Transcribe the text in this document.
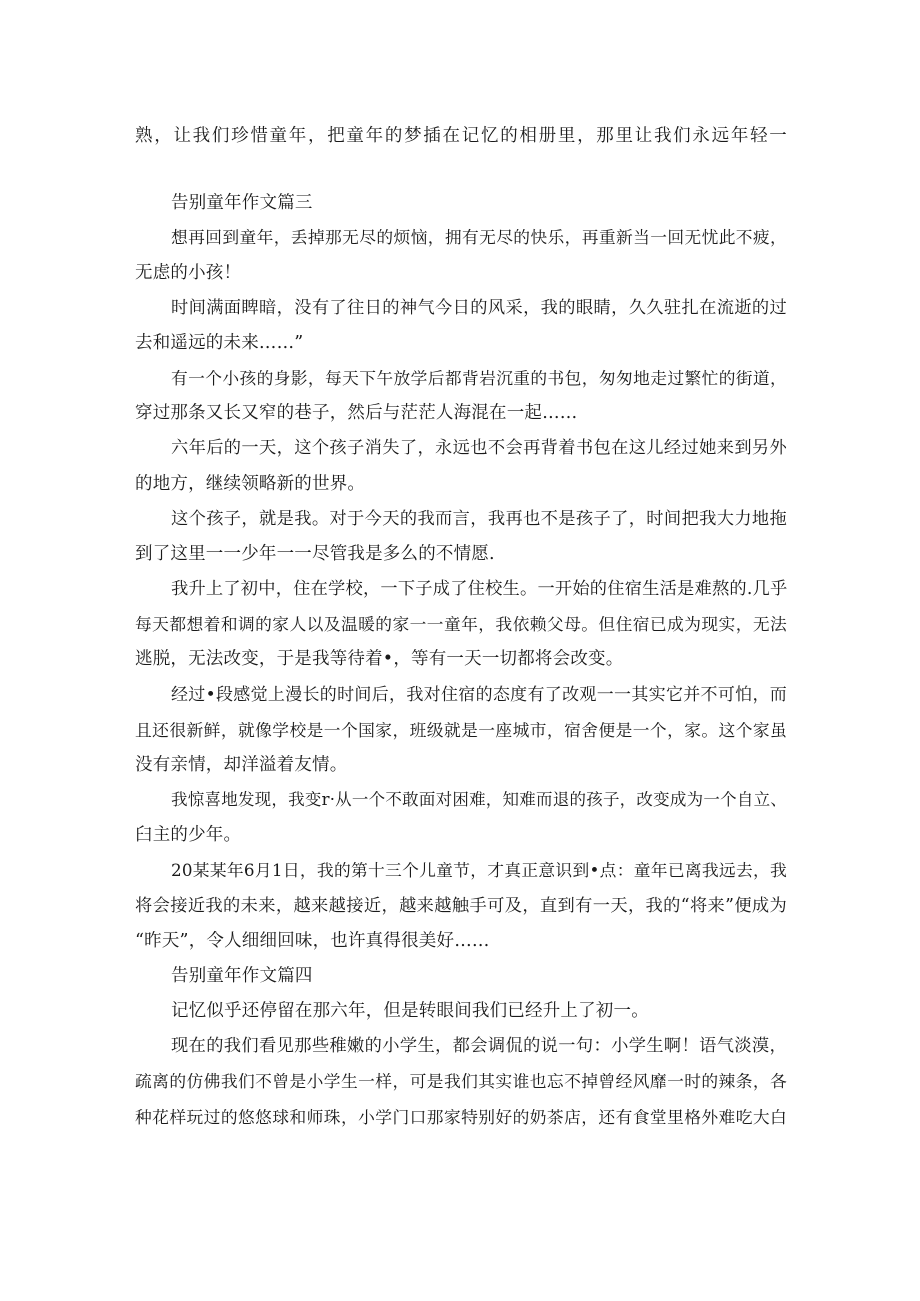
熟，让我们珍惜童年，把童年的梦插在记忆的相册里，那里让我们永远年轻一
告别童年作文篇三
想再回到童年，丢掉那无尽的烦恼，拥有无尽的快乐，再重新当一回无忧此不疲，
无虑的小孩！
时间满面睥暗，没有了往日的神气今日的风采，我的眼睛，久久驻扎在流逝的过
去和遥远的未来……”
有一个小孩的身影，每天下午放学后都背岩沉重的书包，匆匆地走过繁忙的街道，
穿过那条又长又窄的巷子，然后与茫茫人海混在一起……
六年后的一天，这个孩子消失了，永远也不会再背着书包在这儿经过她来到另外
的地方，继续领略新的世界。
这个孩子，就是我。对于今天的我而言，我再也不是孩子了，时间把我大力地拖
到了这里一一少年一一尽管我是多么的不情愿.
我升上了初中，住在学校，一下子成了住校生。一开始的住宿生活是难熬的.几乎
每天都想着和调的家人以及温暖的家一一童年，我依赖父母。但住宿已成为现实，无法
逃脱，无法改变，于是我等待着•，等有一天一切都将会改变。
经过•段感觉上漫长的时间后，我对住宿的态度有了改观一一其实它并不可怕，而
且还很新鲜，就像学校是一个国家，班级就是一座城市，宿舍便是一个，家。这个家虽
没有亲情，却洋溢着友情。
我惊喜地发现，我变r·从一个不敢面对困难，知难而退的孩子，改变成为一个自立、
臼主的少年。
20某某年6月1日，我的第十三个儿童节，才真正意识到•点：童年已离我远去，我
将会接近我的未来，越来越接近，越来越触手可及，直到有一天，我的“将来”便成为
“昨天”，令人细细回味，也许真得很美好……
告别童年作文篇四
记忆似乎还停留在那六年，但是转眼间我们已经升上了初一。
现在的我们看见那些稚嫩的小学生，都会调侃的说一句：小学生啊！语气淡漠，
疏离的仿佛我们不曾是小学生一样，可是我们其实谁也忘不掉曾经风靡一时的辣条，各
种花样玩过的悠悠球和师珠，小学门口那家特别好的奶茶店，还有食堂里格外难吃大白
